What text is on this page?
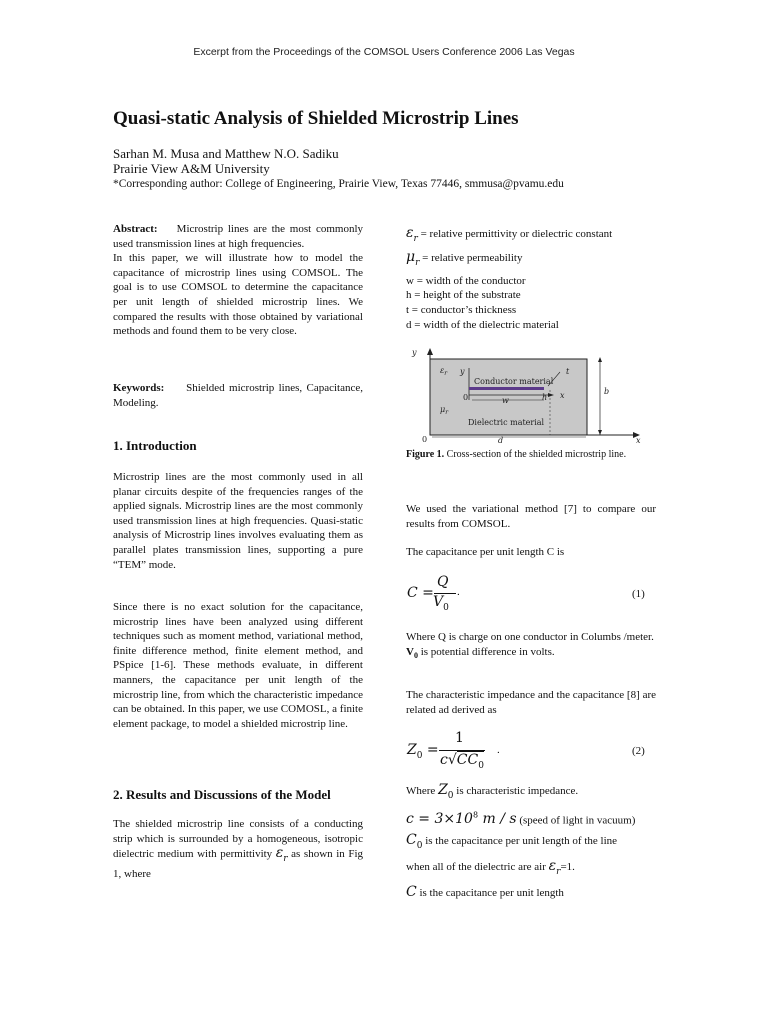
Excerpt from the Proceedings of the COMSOL Users Conference 2006 Las Vegas
Quasi-static Analysis of Shielded Microstrip Lines
Sarhan M. Musa and Matthew N.O. Sadiku
Prairie View A&M University
*Corresponding author: College of Engineering, Prairie View, Texas 77446, smmusa@pvamu.edu

Abstract: Microstrip lines are the most commonly used transmission lines at high frequencies.

In this paper, we will illustrate how to model the capacitance of microstrip lines using COMSOL. The goal is to use COMSOL to determine the capacitance per unit length of shielded microstrip lines. We compared the results with those obtained by variational methods and found them to be very close.

Keywords: Shielded microstrip lines, Capacitance, Modeling.

1. Introduction
Microstrip lines are the most commonly used in all planar circuits despite of the frequencies ranges of the applied signals. Microstrip lines are the most commonly used transmission lines at high frequencies. Quasi-static analysis of Microstrip lines involves evaluating them as parallel plates transmission lines, supporting a pure “TEM” mode.
Since there is no exact solution for the capacitance, microstrip lines have been analyzed using different techniques such as moment method, variational method, finite difference method, finite element method, and PSpice [1-6]. These methods evaluate, in different manners, the capacitance per unit length of the microstrip line, from which the characteristic impedance can be obtained. In this paper, we use COMOSL, a finite element package, to model a shielded microstrip line.
2. Results and Discussions of the Model

The shielded microstrip line consists of a conducting strip which is surrounded by a homogeneous, isotropic dielectric medium with permittivity $\varepsilon_r$ as shown in Fig 1, where

$\varepsilon_r$ = relative permittivity or dielectric constant
$\mu_r$ = relative permeability
w = width of the conductor
h = height of the substrate
t = conductor’s thickness
d = width of the dielectric material
y
x
0
$\varepsilon_r$
$\mu_r$
y
0
Conductor material
x
w
t
h
Dielectric material
b
d
Figure 1. Cross-section of the shielded microstrip line.
We used the variational method [7] to compare our results from COMSOL.
The capacitance per unit length C is
C =
Q
$V_0$
.	(1)

Where Q is charge on one conductor in Columbs /meter.

$V_0$ is potential difference in volts.

The characteristic impedance and the capacitance [8] are related ad derived as
$Z_0$ =
1
$c√CC_0$
.	(2)
Where $Z_0$ is characteristic impedance.
$c = 3\times 10^8$ m / s (speed of light in vacuum)
$C_0$ is the capacitance per unit length of the line
when all of the dielectric are air $\varepsilon_r=1$.
C is the capacitance per unit length
